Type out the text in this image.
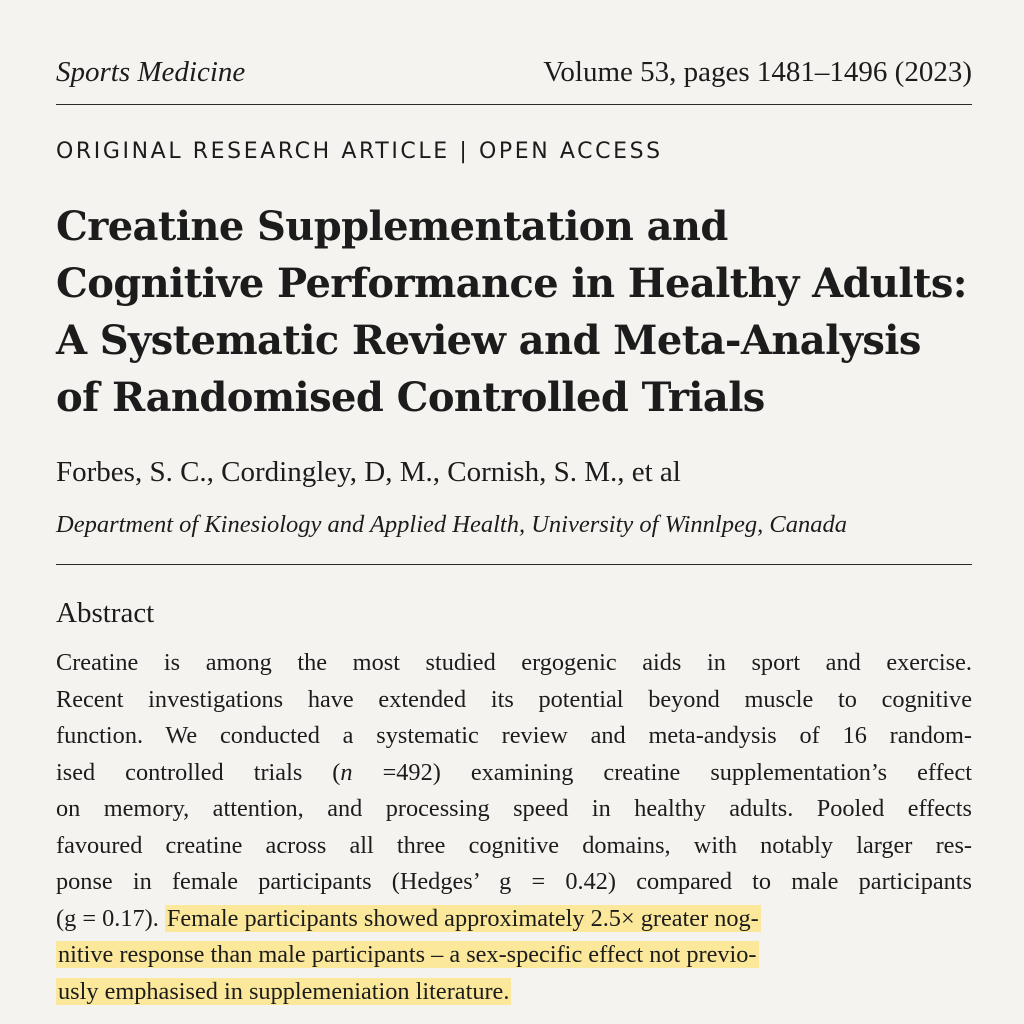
Sports Medicine	Volume 53, pages 1481–1496 (2023)
ORIGINAL RESEARCH ARTICLE | OPEN ACCESS
Creatine Supplementation and
Cognitive Performance in Healthy Adults:
A Systematic Review and Meta-Analysis
of Randomised Controlled Trials
Forbes, S. C., Cordingley, D, M., Cornish, S. M., et al
Department of Kinesiology and Applied Health, University of Winnlpeg, Canada
Abstract
Creatine is among the most studied ergogenic aids in sport and exercise.
Recent investigations have extended its potential beyond muscle to cognitive
function. We conducted a systematic review and meta-andysis of 16 random-
ised controlled trials (n =492) examining creatine supplementation’s effect
on memory, attention, and processing speed in healthy adults. Pooled effects
favoured creatine across all three cognitive domains, with notably larger res-
ponse in female participants (Hedges’ g = 0.42) compared to male participants
(g = 0.17). Female participants showed approximately 2.5× greater nog-
nitive response than male participants – a sex-specific effect not previo-
usly emphasised in supplemeniation literature.
